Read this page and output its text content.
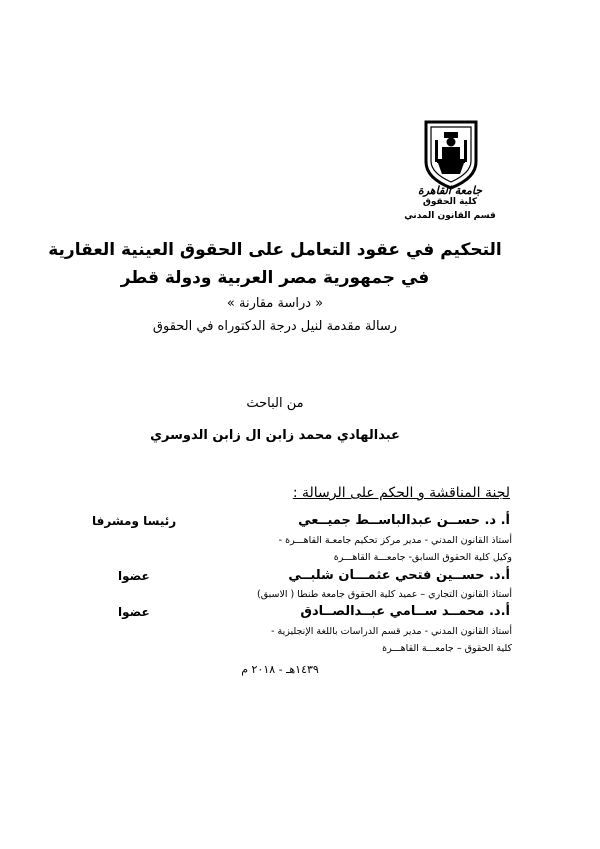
جامعة القاهرة
كلية الحقوق
قسم القانون المدني
التحكيم في عقود التعامل على الحقوق العينية العقارية
في جمهورية مصر العربية ودولة قطر
« دراسة مقارنة »
رسالة مقدمة لنيل درجة الدكتوراه في الحقوق
من الباحث
عبدالهادي محمد زابن ال زابن الدوسري
لجنة المناقشة و الحكم على الرسالة :
أ. د. حســن عبدالباســط جميــعي
رئيسا ومشرفا
أستاذ القانون المدني - مدير مركز تحكيم جامعـة القاهـــرة -
وكيل كلية الحقوق السابق- جامعـــة القاهـــرة
أ.د. حســين فتحي عثمـــان شلبــي
عضوا
أستاذ القانون التجاري – عميد كلية الحقوق جامعة طنطا ( الاسبق)
أ.د. محمــد ســامي عبــدالصــادق
عضوا
أستاذ القانون المدني - مدير قسم الدراسات باللغة الإنجليزية -
كلية الحقوق – جامعـــة القاهـــرة
١٤٣٩هـ - ٢٠١٨ م
